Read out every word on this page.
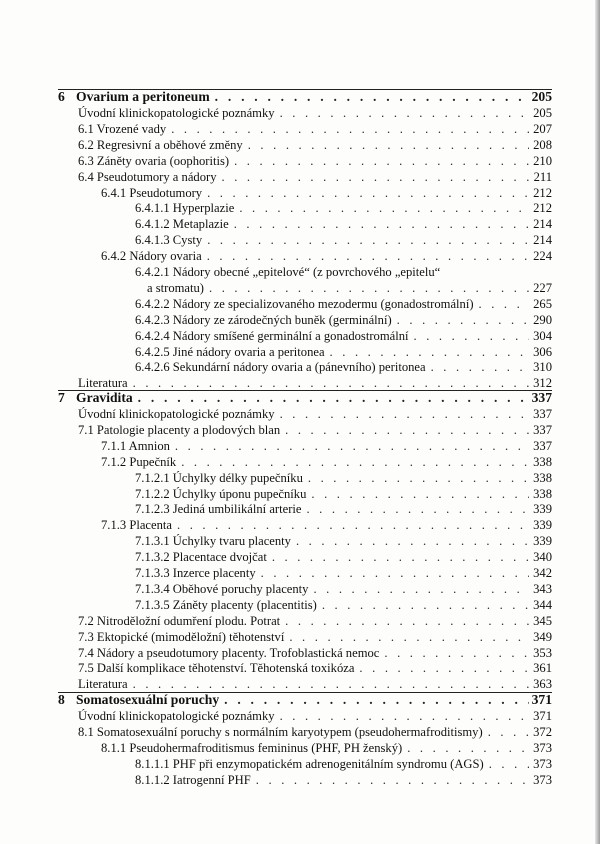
6 Ovarium a peritoneum . . .	205
Úvodní klinickopatologické poznámky . . .	205
6.1 Vrozené vady . . .	207
6.2 Regresivní a oběhové změny . . .	208
6.3 Záněty ovaria (oophoritis) . . .	210
6.4 Pseudotumory a nádory . . .	211
6.4.1 Pseudotumory . . .	212
6.4.1.1 Hyperplazie . . .	212
6.4.1.2 Metaplazie . . .	214
6.4.1.3 Cysty . . .	214
6.4.2 Nádory ovaria . . .	224
6.4.2.1 Nádory obecné „epitelové“ (z povrchového „epitelu“
a stromatu) . . .	227
6.4.2.2 Nádory ze specializovaného mezodermu (gonadostromální) . . .	265
6.4.2.3 Nádory ze zárodečných buněk (germinální) . . .	290
6.4.2.4 Nádory smíšené germinální a gonadostromální . . .	304
6.4.2.5 Jiné nádory ovaria a peritonea . . .	306
6.4.2.6 Sekundární nádory ovaria a (pánevního) peritonea . . .	310
Literatura . . .	312
7 Gravidita . . .	337
Úvodní klinickopatologické poznámky . . .	337
7.1 Patologie placenty a plodových blan . . .	337
7.1.1 Amnion . . .	337
7.1.2 Pupečník . . .	338
7.1.2.1 Úchylky délky pupečníku . . .	338
7.1.2.2 Úchylky úponu pupečníku . . .	338
7.1.2.3 Jediná umbilikální arterie . . .	339
7.1.3 Placenta . . .	339
7.1.3.1 Úchylky tvaru placenty . . .	339
7.1.3.2 Placentace dvojčat . . .	340
7.1.3.3 Inzerce placenty . . .	342
7.1.3.4 Oběhové poruchy placenty . . .	343
7.1.3.5 Záněty placenty (placentitis) . . .	344
7.2 Nitroděložní odumření plodu. Potrat . . .	345
7.3 Ektopické (mimoděložní) těhotenství . . .	349
7.4 Nádory a pseudotumory placenty. Trofoblastická nemoc . . .	353
7.5 Další komplikace těhotenství. Těhotenská toxikóza . . .	361
Literatura . . .	363
8 Somatosexuální poruchy . . .	371
Úvodní klinickopatologické poznámky . . .	371
8.1 Somatosexuální poruchy s normálním karyotypem (pseudohermafroditismy) . . .	372
8.1.1 Pseudohermafroditismus femininus (PHF, PH ženský) . . .	373
8.1.1.1 PHF při enzymopatickém adrenogenitálním syndromu (AGS) . . .	373
8.1.1.2 Iatrogenní PHF . . .	373
